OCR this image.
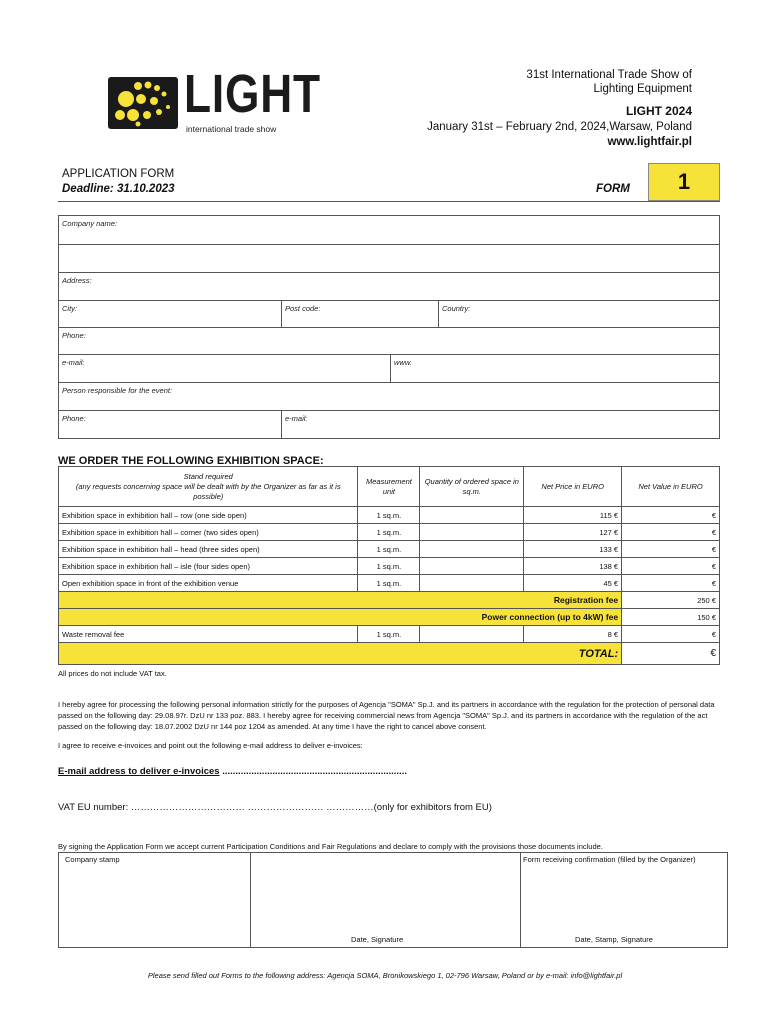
LIGHT
international trade show
31st International Trade Show of
Lighting Equipment
LIGHT 2024
January 31st – February 2nd, 2024,Warsaw, Poland
www.lightfair.pl
APPLICATION FORM
Deadline: 31.10.2023	FORM	1
Company name:
Address:
City:	Post code:	Country:
Phone:
e-mail:	www.
Person responsible for the event:
Phone:	e-mail:
WE ORDER THE FOLLOWING EXHIBITION SPACE:
Stand required
(any requests concerning space will be dealt with by the Organizer as far as it is possible)	Measurement unit	Quantity of ordered space in sq.m.	Net Price in EURO	Net Value in EURO
Exhibition space in exhibition hall – row (one side open)	1 sq.m.		115 €	€
Exhibition space in exhibition hall – corner (two sides open)	1 sq.m.		127 €	€
Exhibition space in exhibition hall – head (three sides open)	1 sq.m.		133 €	€
Exhibition space in exhibition hall – isle (four sides open)	1 sq.m.		138 €	€
Open exhibition space in front of the exhibition venue	1 sq.m.		45 €	€
Registration fee				250 €
Power connection (up to 4kW) fee				150 €
Waste removal fee	1 sq.m.		8 €	€
TOTAL:				€
All prices do not include VAT tax.
I hereby agree for processing the following personal information strictly for the purposes of Agencja "SOMA" Sp.J. and its partners in accordance with the regulation for the protection of personal data passed on the following day: 29.08.97r. DzU nr 133 poz. 883. I hereby agree for receiving commercial news from Agencja "SOMA" Sp.J. and its partners in accordance with the regulation of the act passed on the following day: 18.07.2002 DzU nr 144 poz 1204 as amended. At any time I have the right to cancel above consent.
I agree to receive e-invoices and point out the following e-mail address to deliver e-invoices:
E-mail address to deliver e-invoices ......................................................................
VAT EU number: ……………………………… …………………… ……………(only for exhibitors from EU)
By signing the Application Form we accept current Participation Conditions and Fair Regulations and declare to comply with the provisions those documents include.
Company stamp
Date, Signature
Form receiving confirmation (filled by the Organizer)
Date, Stamp, Signature
Please send filled out Forms to the following address: Agencja SOMA, Bronikowskiego 1, 02-796 Warsaw, Poland or by e-mail: info@lightfair.pl
